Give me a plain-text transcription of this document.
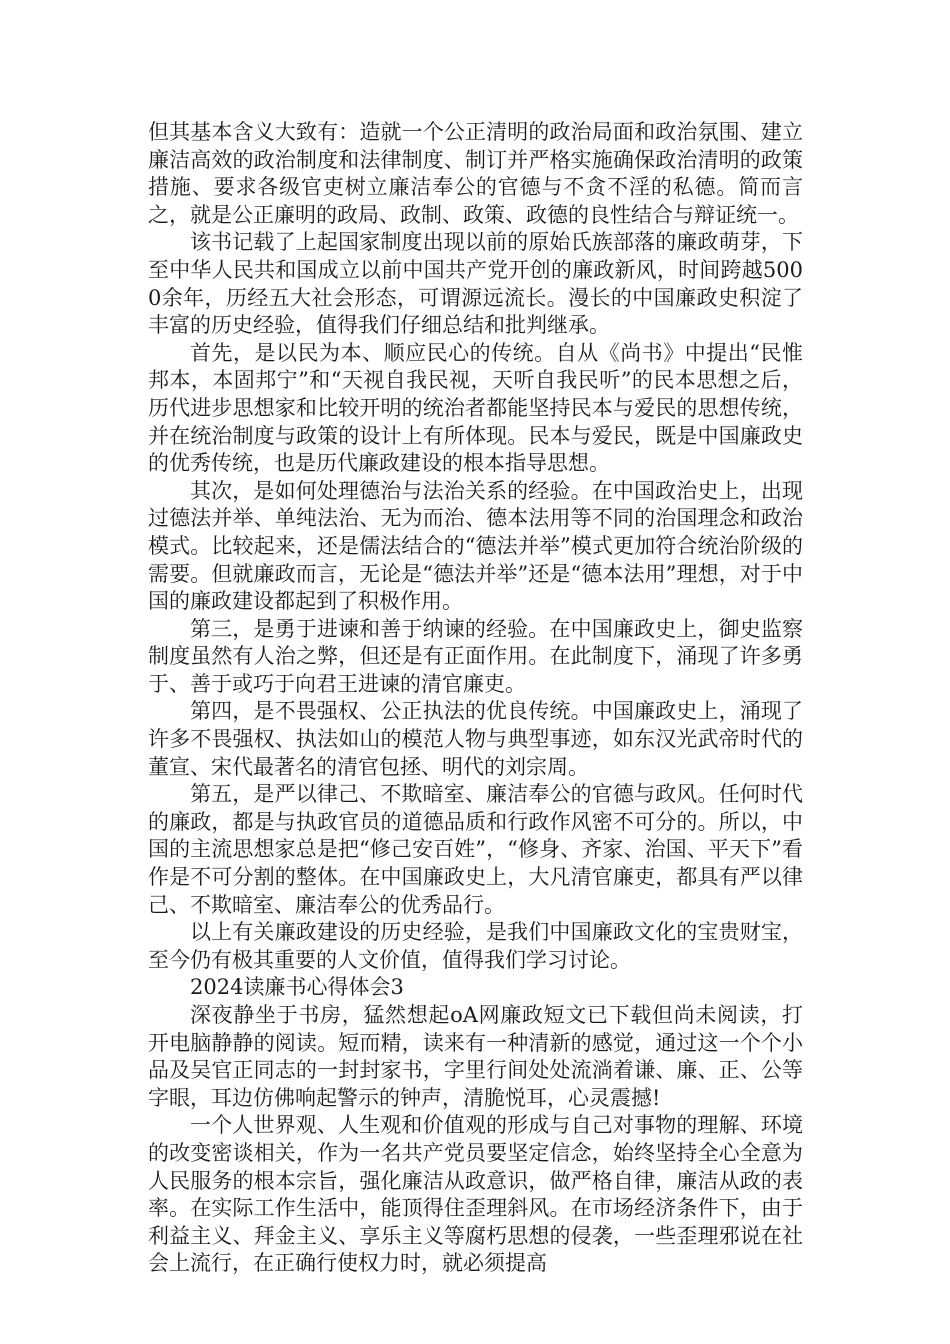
但其基本含义大致有：造就一个公正清明的政治局面和政治氛围、建立廉洁高效的政治制度和法律制度、制订并严格实施确保政治清明的政策措施、要求各级官吏树立廉洁奉公的官德与不贪不淫的私德。简而言之，就是公正廉明的政局、政制、政策、政德的良性结合与辩证统一。

该书记载了上起国家制度出现以前的原始氏族部落的廉政萌芽，下至中华人民共和国成立以前中国共产党开创的廉政新风，时间跨越5000余年，历经五大社会形态，可谓源远流长。漫长的中国廉政史积淀了丰富的历史经验，值得我们仔细总结和批判继承。

首先，是以民为本、顺应民心的传统。自从《尚书》中提出“民惟邦本，本固邦宁”和“天视自我民视，天听自我民听”的民本思想之后，历代进步思想家和比较开明的统治者都能坚持民本与爱民的思想传统，并在统治制度与政策的设计上有所体现。民本与爱民，既是中国廉政史的优秀传统，也是历代廉政建设的根本指导思想。

其次，是如何处理德治与法治关系的经验。在中国政治史上，出现过德法并举、单纯法治、无为而治、德本法用等不同的治国理念和政治模式。比较起来，还是儒法结合的“德法并举”模式更加符合统治阶级的需要。但就廉政而言，无论是“德法并举”还是“德本法用”理想，对于中国的廉政建设都起到了积极作用。

第三，是勇于进谏和善于纳谏的经验。在中国廉政史上，御史监察制度虽然有人治之弊，但还是有正面作用。在此制度下，涌现了许多勇于、善于或巧于向君王进谏的清官廉吏。

第四，是不畏强权、公正执法的优良传统。中国廉政史上，涌现了许多不畏强权、执法如山的模范人物与典型事迹，如东汉光武帝时代的董宣、宋代最著名的清官包拯、明代的刘宗周。

第五，是严以律己、不欺暗室、廉洁奉公的官德与政风。任何时代的廉政，都是与执政官员的道德品质和行政作风密不可分的。所以，中国的主流思想家总是把“修己安百姓”，“修身、齐家、治国、平天下”看作是不可分割的整体。在中国廉政史上，大凡清官廉吏，都具有严以律己、不欺暗室、廉洁奉公的优秀品行。

以上有关廉政建设的历史经验，是我们中国廉政文化的宝贵财宝，至今仍有极其重要的人文价值，值得我们学习讨论。

2024读廉书心得体会3

深夜静坐于书房，猛然想起oA网廉政短文已下载但尚未阅读，打开电脑静静的阅读。短而精，读来有一种清新的感觉，通过这一个个小品及吴官正同志的一封封家书，字里行间处处流淌着谦、廉、正、公等字眼，耳边仿佛响起警示的钟声，清脆悦耳，心灵震撼!

一个人世界观、人生观和价值观的形成与自己对事物的理解、环境的改变密谈相关，作为一名共产党员要坚定信念，始终坚持全心全意为人民服务的根本宗旨，强化廉洁从政意识，做严格自律，廉洁从政的表率。在实际工作生活中，能顶得住歪理斜风。在市场经济条件下，由于利益主义、拜金主义、享乐主义等腐朽思想的侵袭，一些歪理邪说在社会上流行，在正确行使权力时，就必须提高
